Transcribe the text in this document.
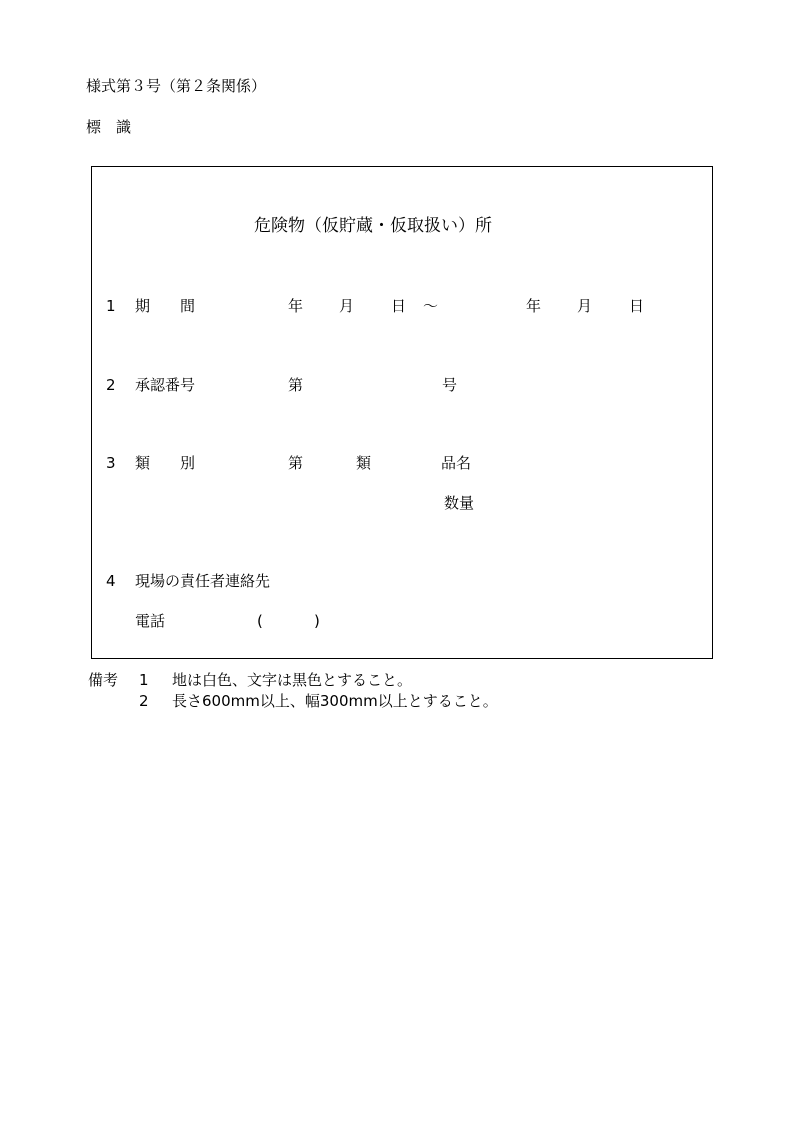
様式第３号（第２条関係）
標　識
危険物（仮貯蔵・仮取扱い）所
1 期　　間	年 月 日 ～	年 月 日
2 承認番号	第	号
3 類　　別	第	類	品名
数量
4 現場の責任者連絡先
電話	(	)
備考 1 地は白色、文字は黒色とすること。
2 長さ600mm以上、幅300mm以上とすること。
